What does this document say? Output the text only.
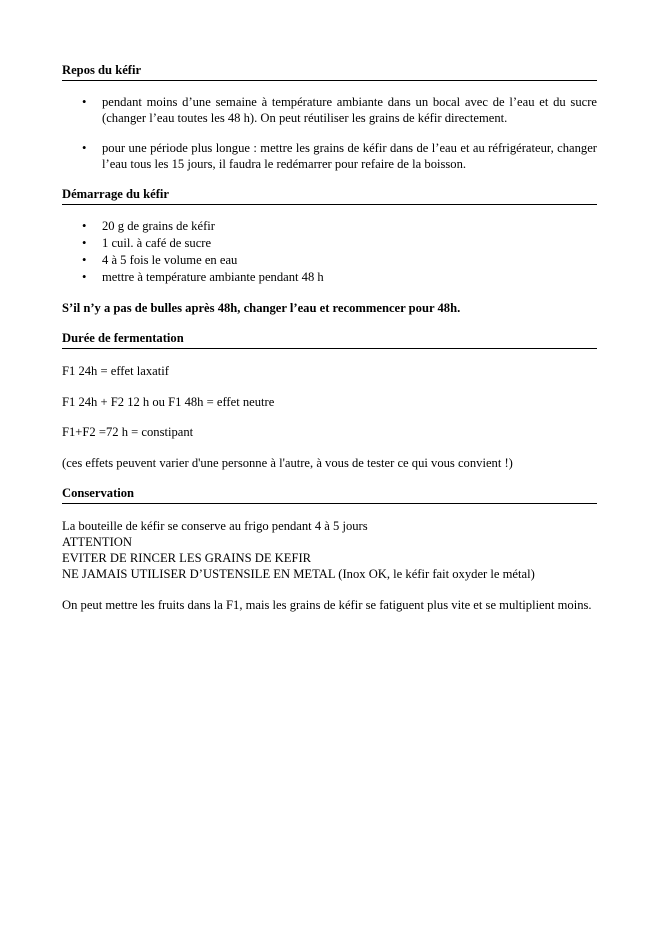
Repos du kéfir
• pendant moins d’une semaine à température ambiante dans un bocal avec de l’eau et du sucre (changer l’eau toutes les 48 h). On peut réutiliser les grains de kéfir directement.
• pour une période plus longue : mettre les grains de kéfir dans de l’eau et au réfrigérateur, changer l’eau tous les 15 jours, il faudra le redémarrer pour refaire de la boisson.
Démarrage du kéfir
• 20 g de grains de kéfir
• 1 cuil. à café de sucre
• 4 à 5 fois le volume en eau
• mettre à température ambiante pendant 48 h

S’il n’y a pas de bulles après 48h, changer l’eau et recommencer pour 48h.

Durée de fermentation

F1 24h = effet laxatif

F1 24h + F2 12 h ou F1 48h = effet neutre

F1+F2 =72 h = constipant

(ces effets peuvent varier d'une personne à l'autre, à vous de tester ce qui vous convient !)

Conservation

La bouteille de kéfir se conserve au frigo pendant 4 à 5 jours

ATTENTION

EVITER DE RINCER LES GRAINS DE KEFIR

NE JAMAIS UTILISER D’USTENSILE EN METAL (Inox OK, le kéfir fait oxyder le métal)

On peut mettre les fruits dans la F1, mais les grains de kéfir se fatiguent plus vite et se multiplient moins.
